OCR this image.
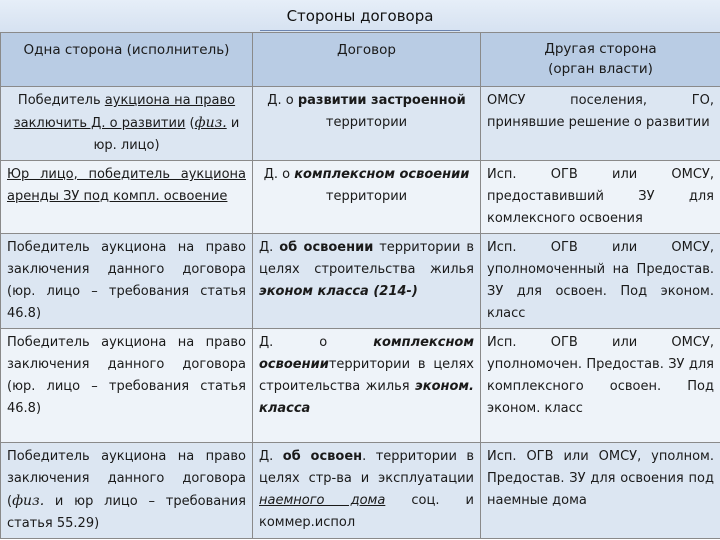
Стороны договора
Одна сторона (исполнитель)	Договор	Другая сторона
(орган власти)

Победитель аукциона на право заключить Д. о развитии (физ. и юр. лицо)	Д. о развитии застроенной территории	ОМСУ поселения, ГО, принявшие решение о развитии
Юр лицо, победитель аукциона аренды ЗУ под компл. освоение	Д. о комплексном освоении территории	Исп. ОГВ или ОМСУ, предоставивший ЗУ для комлексного освоения
Победитель аукциона на право заключения данного договора (юр. лицо – требования статья 46.8)	Д. об освоении территории в целях строительства жилья эконом класса (214-)	Исп. ОГВ или ОМСУ, уполномоченный на Предостав. ЗУ для освоен. Под эконом. класс
Победитель аукциона на право заключения данного договора (юр. лицо – требования статья 46.8)	Д. о комплексном освоениитерритории в целях строительства жилья эконом. класса	Исп. ОГВ или ОМСУ, уполномочен. Предостав. ЗУ для комплексного освоен. Под эконом. класс
Победитель аукциона на право заключения данного договора (физ. и юр лицо – требования статья 55.29)	Д. об освоен. территории в целях стр-ва и эксплуатации наемного дома соц. и коммер.испол	Исп. ОГВ или ОМСУ, уполном. Предостав. ЗУ для освоения под наемные дома
